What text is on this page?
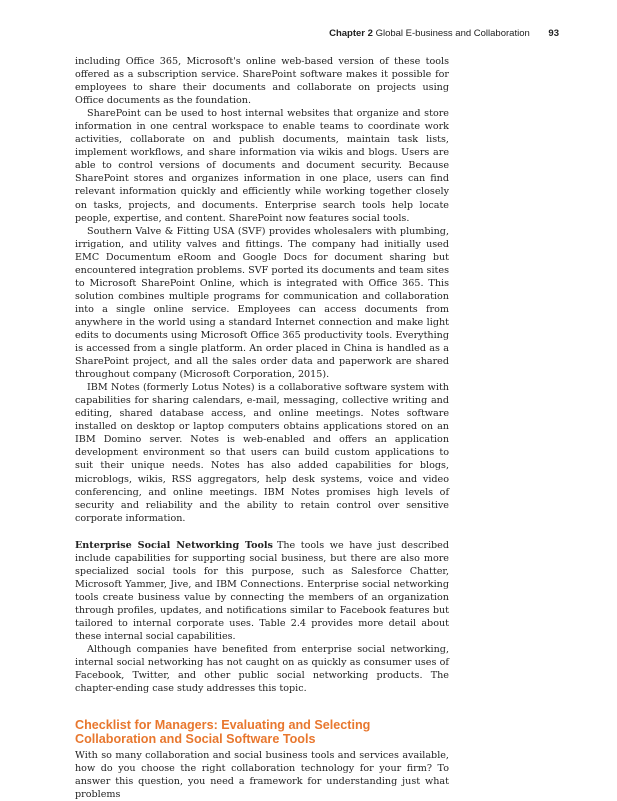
Chapter 2 Global E-business and Collaboration 93

including Office 365, Microsoft's online web-based version of these tools offered as a subscription service. SharePoint software makes it possible for employees to share their documents and collaborate on projects using Office documents as the foundation.

SharePoint can be used to host internal websites that organize and store information in one central workspace to enable teams to coordinate work activities, collaborate on and publish documents, maintain task lists, implement workflows, and share information via wikis and blogs. Users are able to control versions of documents and document security. Because SharePoint stores and organizes information in one place, users can find relevant information quickly and efficiently while working together closely on tasks, projects, and documents. Enterprise search tools help locate people, expertise, and content. SharePoint now features social tools.

Southern Valve & Fitting USA (SVF) provides wholesalers with plumbing, irrigation, and utility valves and fittings. The company had initially used EMC Documentum eRoom and Google Docs for document sharing but encountered integration problems. SVF ported its documents and team sites to Microsoft SharePoint Online, which is integrated with Office 365. This solution combines multiple programs for communication and collaboration into a single online service. Employees can access documents from anywhere in the world using a standard Internet connection and make light edits to documents using Microsoft Office 365 productivity tools. Everything is accessed from a single platform. An order placed in China is handled as a SharePoint project, and all the sales order data and paperwork are shared throughout company (Microsoft Corporation, 2015).

IBM Notes (formerly Lotus Notes) is a collaborative software system with capabilities for sharing calendars, e-mail, messaging, collective writing and editing, shared database access, and online meetings. Notes software installed on desktop or laptop computers obtains applications stored on an IBM Domino server. Notes is web-enabled and offers an application development environment so that users can build custom applications to suit their unique needs. Notes has also added capabilities for blogs, microblogs, wikis, RSS aggregators, help desk systems, voice and video conferencing, and online meetings. IBM Notes promises high levels of security and reliability and the ability to retain control over sensitive corporate information.

Enterprise Social Networking Tools The tools we have just described include capabilities for supporting social business, but there are also more specialized social tools for this purpose, such as Salesforce Chatter, Microsoft Yammer, Jive, and IBM Connections. Enterprise social networking tools create business value by connecting the members of an organization through profiles, updates, and notifications similar to Facebook features but tailored to internal corporate uses. Table 2.4 provides more detail about these internal social capabilities.

Although companies have benefited from enterprise social networking, internal social networking has not caught on as quickly as consumer uses of Facebook, Twitter, and other public social networking products. The chapter-ending case study addresses this topic.

Checklist for Managers: Evaluating and Selecting Collaboration and Social Software Tools

With so many collaboration and social business tools and services available, how do you choose the right collaboration technology for your firm? To answer this question, you need a framework for understanding just what problems
